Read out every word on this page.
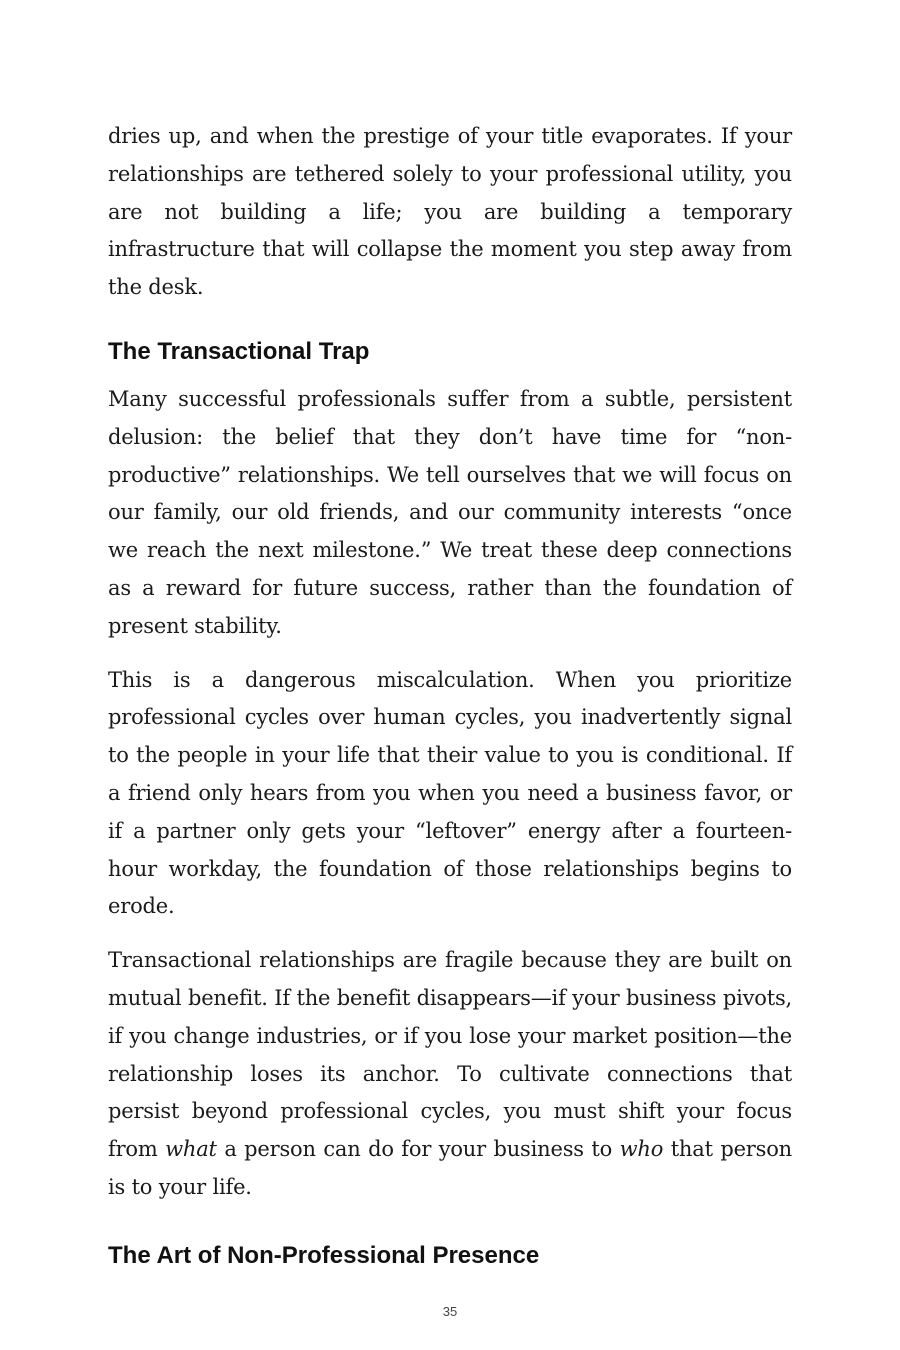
dries up, and when the prestige of your title evaporates. If your relationships are tethered solely to your professional utility, you are not building a life; you are building a temporary infrastructure that will collapse the moment you step away from the desk.

The Transactional Trap

Many successful professionals suffer from a subtle, persistent delusion: the belief that they don’t have time for “non-productive” relationships. We tell ourselves that we will focus on our family, our old friends, and our community interests “once we reach the next milestone.” We treat these deep connections as a reward for future success, rather than the foundation of present stability.

This is a dangerous miscalculation. When you prioritize professional cycles over human cycles, you inadvertently signal to the people in your life that their value to you is conditional. If a friend only hears from you when you need a business favor, or if a partner only gets your “leftover” energy after a fourteen-hour workday, the foundation of those relationships begins to erode.

Transactional relationships are fragile because they are built on mutual benefit. If the benefit disappears—if your business pivots, if you change industries, or if you lose your market position—the relationship loses its anchor. To cultivate connections that persist beyond professional cycles, you must shift your focus from what a person can do for your business to who that person is to your life.

The Art of Non-Professional Presence
35
